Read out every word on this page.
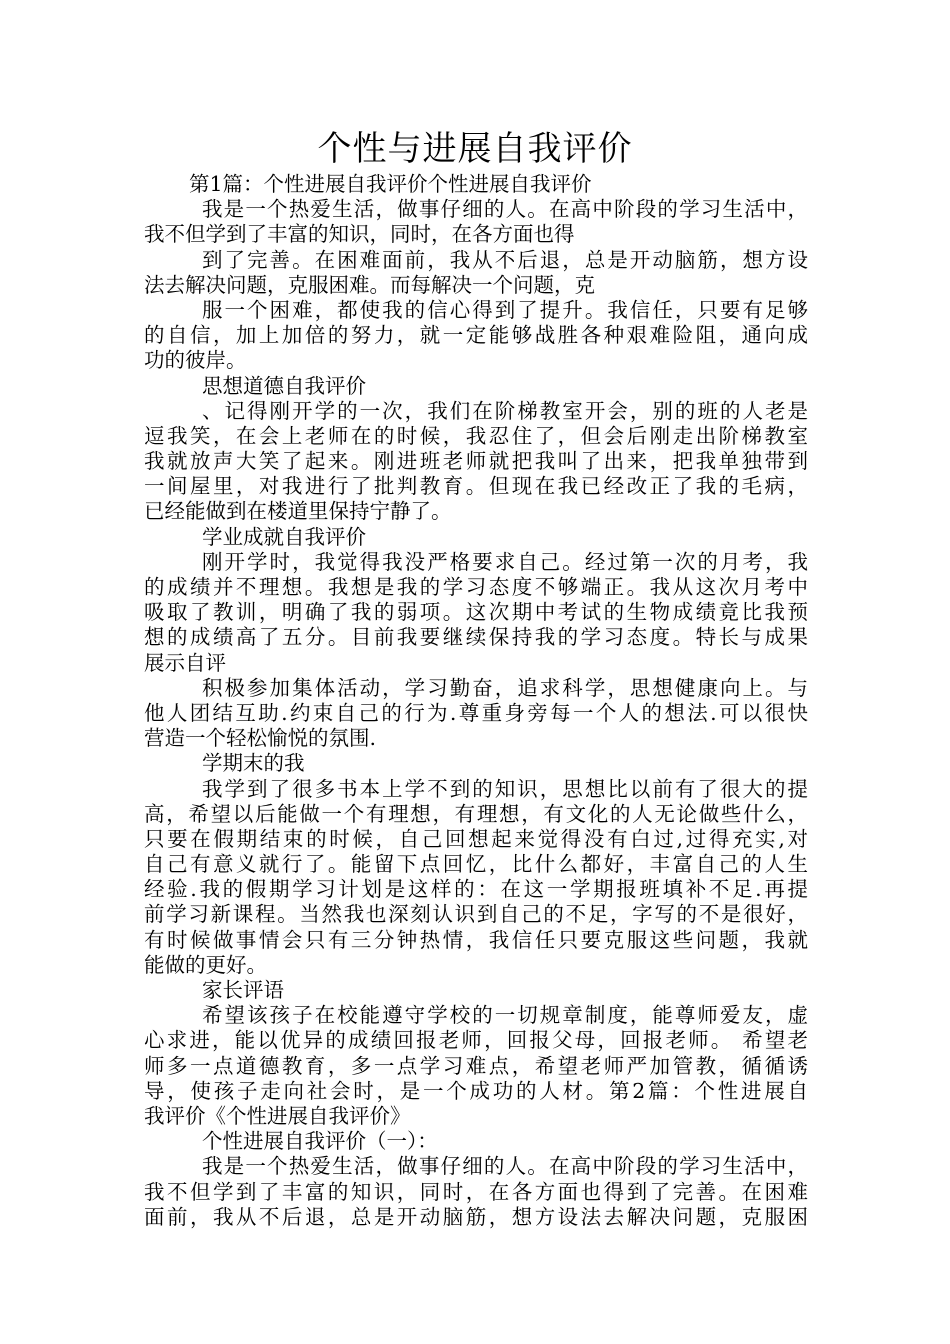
个性与进展自我评价
第1篇：个性进展自我评价个性进展自我评价
我是一个热爱生活，做事仔细的人。在高中阶段的学习生活中，
我不但学到了丰富的知识，同时，在各方面也得
到了完善。在困难面前，我从不后退，总是开动脑筋，想方设
法去解决问题，克服困难。而每解决一个问题，克
服一个困难，都使我的信心得到了提升。我信任，只要有足够
的自信，加上加倍的努力，就一定能够战胜各种艰难险阻，通向成
功的彼岸。
思想道德自我评价
、记得刚开学的一次，我们在阶梯教室开会，别的班的人老是
逗我笑，在会上老师在的时候，我忍住了，但会后刚走出阶梯教室
我就放声大笑了起来。刚进班老师就把我叫了出来，把我单独带到
一间屋里，对我进行了批判教育。但现在我已经改正了我的毛病，
已经能做到在楼道里保持宁静了。
学业成就自我评价
刚开学时，我觉得我没严格要求自己。经过第一次的月考，我
的成绩并不理想。我想是我的学习态度不够端正。我从这次月考中
吸取了教训，明确了我的弱项。这次期中考试的生物成绩竟比我预
想的成绩高了五分。目前我要继续保持我的学习态度。特长与成果
展示自评
积极参加集体活动，学习勤奋，追求科学，思想健康向上。与
他人团结互助.约束自己的行为.尊重身旁每一个人的想法.可以很快
营造一个轻松愉悦的氛围.
学期末的我
我学到了很多书本上学不到的知识，思想比以前有了很大的提
高，希望以后能做一个有理想，有理想，有文化的人无论做些什么，
只要在假期结束的时候，自己回想起来觉得没有白过,过得充实,对
自己有意义就行了。能留下点回忆，比什么都好，丰富自己的人生
经验.我的假期学习计划是这样的：在这一学期报班填补不足.再提
前学习新课程。当然我也深刻认识到自己的不足，字写的不是很好，
有时候做事情会只有三分钟热情，我信任只要克服这些问题，我就
能做的更好。
家长评语
希望该孩子在校能遵守学校的一切规章制度，能尊师爱友，虚
心求进，能以优异的成绩回报老师，回报父母，回报老师。 希望老
师多一点道德教育，多一点学习难点，希望老师严加管教，循循诱
导，使孩子走向社会时，是一个成功的人材。第2篇：个性进展自
我评价《个性进展自我评价》
个性进展自我评价（一）：
我是一个热爱生活，做事仔细的人。在高中阶段的学习生活中，
我不但学到了丰富的知识，同时，在各方面也得到了完善。在困难
面前，我从不后退，总是开动脑筋，想方设法去解决问题，克服困
